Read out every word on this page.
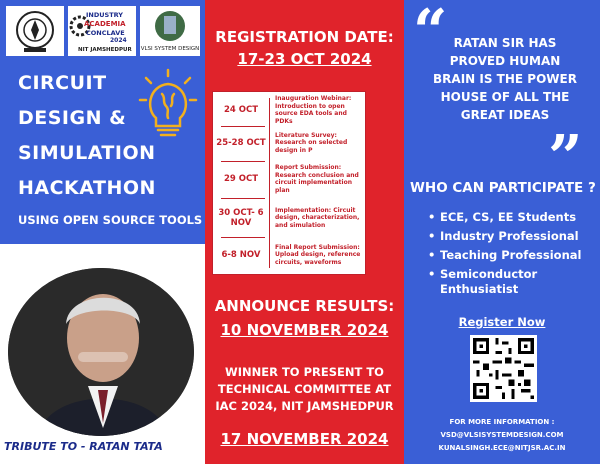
INDUSTRY
ACADEMIA
CONCLAVE
2024
NIT JAMSHEDPUR VLSI SYSTEM DESIGN
CIRCUIT
DESIGN &
SIMULATION
HACKATHON
USING OPEN SOURCE TOOLS
TRIBUTE TO - RATAN TATA
REGISTRATION DATE:
17-23 OCT 2024
24 OCT
Inauguration Webinar: Introduction to open source EDA tools and PDKs
25-28 OCT
Literature Survey: Research on selected design in P
29 OCT
Report Submission: Research conclusion and circuit implementation plan
30 OCT- 6 NOV
Implementation: Circuit design, characterization, and simulation
6-8 NOV
Final Report Submission: Upload design, reference circuits, waveforms
ANNOUNCE RESULTS:
10 NOVEMBER 2024
WINNER TO PRESENT TO
TECHNICAL COMMITTEE AT
IAC 2024, NIT JAMSHEDPUR
17 NOVEMBER 2024
“ RATAN SIR HAS
PROVED HUMAN
BRAIN IS THE POWER
HOUSE OF ALL THE
GREAT IDEAS
”
WHO CAN PARTICIPATE ?
• ECE, CS, EE Students
• Industry Professional
• Teaching Professional
• Semiconductor Enthusiatist
Register Now
FOR MORE INFORMATION :
VSD@VLSISYSTEMDESIGN.COM
KUNALSINGH.ECE@NITJSR.AC.IN
